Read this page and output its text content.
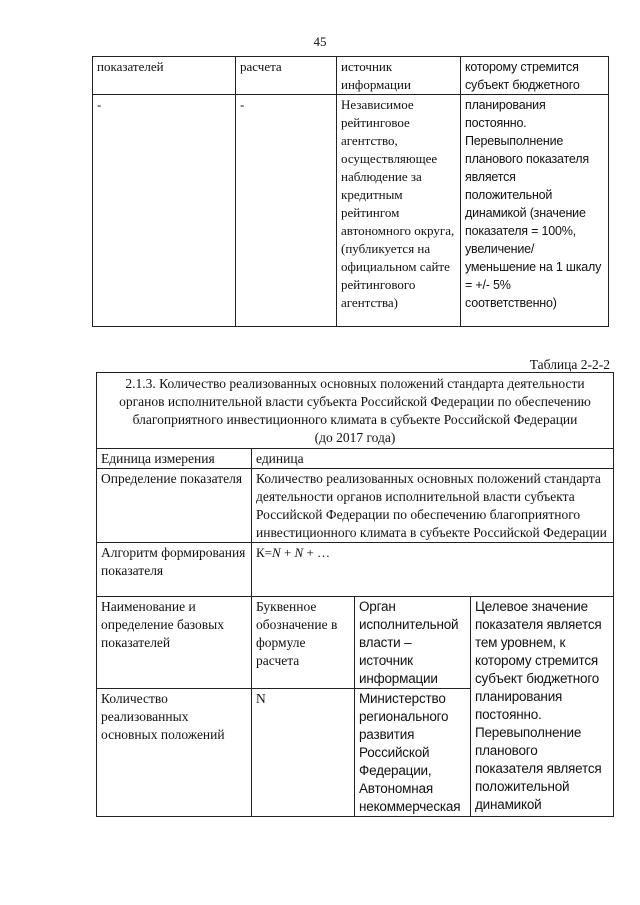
45
показателей	расчета	источник информации	которому стремится субъект бюджетного
-	-	Независимое рейтинговое агентство, осуществляющее наблюдение за кредитным рейтингом автономного округа, (публикуется на официальном сайте рейтингового агентства)	планирования постоянно. Перевыполнение планового показателя является положительной динамикой (значение показателя = 100%, увеличение/уменьшение на 1 шкалу = +/- 5% соответственно)
Таблица 2-2-2
2.1.3. Количество реализованных основных положений стандарта деятельности органов исполнительной власти субъекта Российской Федерации по обеспечению благоприятного инвестиционного климата в субъекте Российской Федерации
(до 2017 года)			

Единица измерения	единица		
Определение показателя	Количество реализованных основных положений стандарта деятельности органов исполнительной власти субъекта Российской Федерации по обеспечению благоприятного инвестиционного климата в субъекте Российской Федерации		
Алгоритм формирования показателя	К=N + N + …		
Наименование и определение базовых показателей	Буквенное обозначение в формуле расчета	Орган исполнительной власти – источник информации	Целевое значение показателя является тем уровнем, к которому стремится субъект бюджетного планирования постоянно. Перевыполнение планового показателя является положительной динамикой
Количество реализованных основных положений	N	Министерство регионального развития Российской Федерации, Автономная некоммерческая	
